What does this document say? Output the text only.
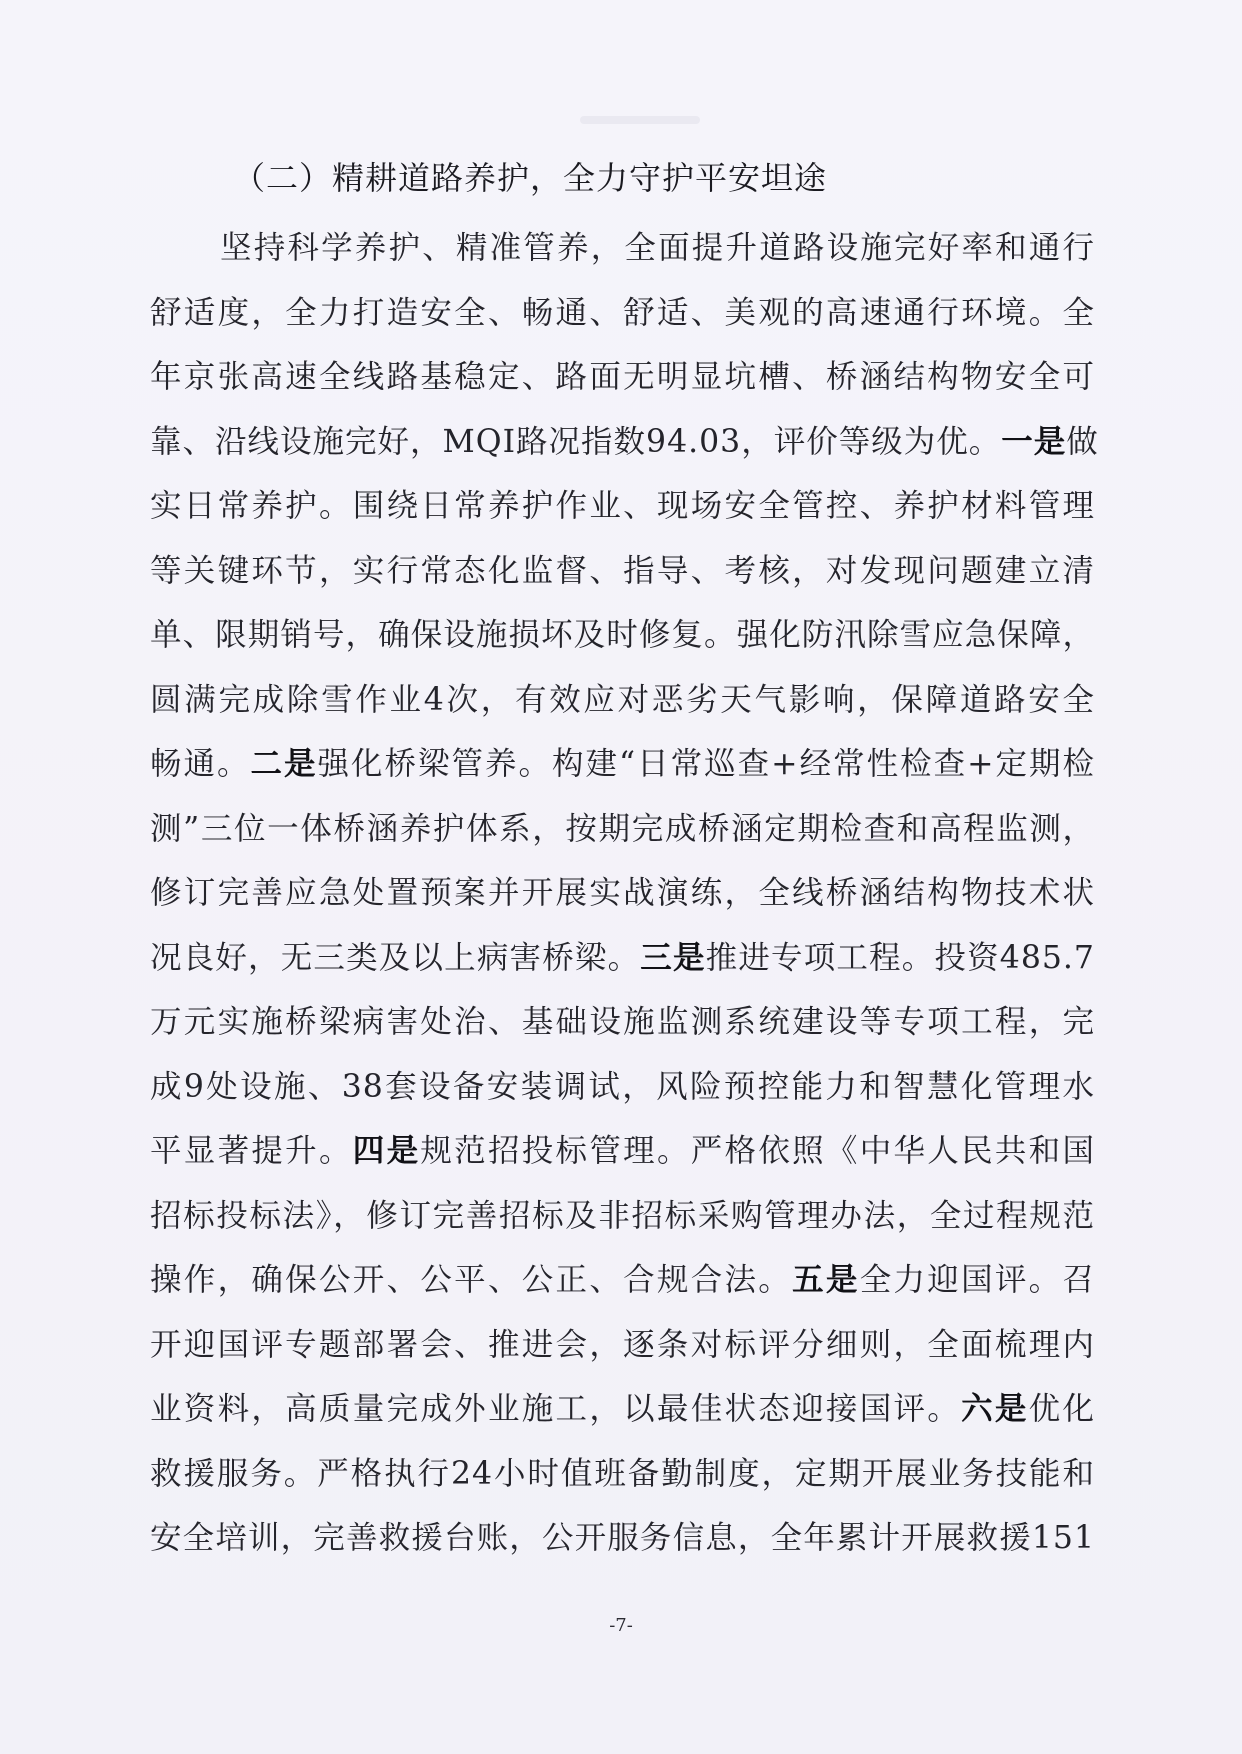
（二）精耕道路养护，全力守护平安坦途
坚持科学养护、精准管养，全面提升道路设施完好率和通行
舒适度，全力打造安全、畅通、舒适、美观的高速通行环境。全
年京张高速全线路基稳定、路面无明显坑槽、桥涵结构物安全可
靠、沿线设施完好，MQI路况指数94.03，评价等级为优。一是做
实日常养护。围绕日常养护作业、现场安全管控、养护材料管理
等关键环节，实行常态化监督、指导、考核，对发现问题建立清
单、限期销号，确保设施损坏及时修复。强化防汛除雪应急保障，
圆满完成除雪作业4次，有效应对恶劣天气影响，保障道路安全
畅通。二是强化桥梁管养。构建“日常巡查+经常性检查+定期检
测”三位一体桥涵养护体系，按期完成桥涵定期检查和高程监测，
修订完善应急处置预案并开展实战演练，全线桥涵结构物技术状
况良好，无三类及以上病害桥梁。三是推进专项工程。投资485.7
万元实施桥梁病害处治、基础设施监测系统建设等专项工程，完
成9处设施、38套设备安装调试，风险预控能力和智慧化管理水
平显著提升。四是规范招投标管理。严格依照《中华人民共和国
招标投标法》，修订完善招标及非招标采购管理办法，全过程规范
操作，确保公开、公平、公正、合规合法。五是全力迎国评。召
开迎国评专题部署会、推进会，逐条对标评分细则，全面梳理内
业资料，高质量完成外业施工，以最佳状态迎接国评。六是优化
救援服务。严格执行24小时值班备勤制度，定期开展业务技能和
安全培训，完善救援台账，公开服务信息，全年累计开展救援151
-7-
